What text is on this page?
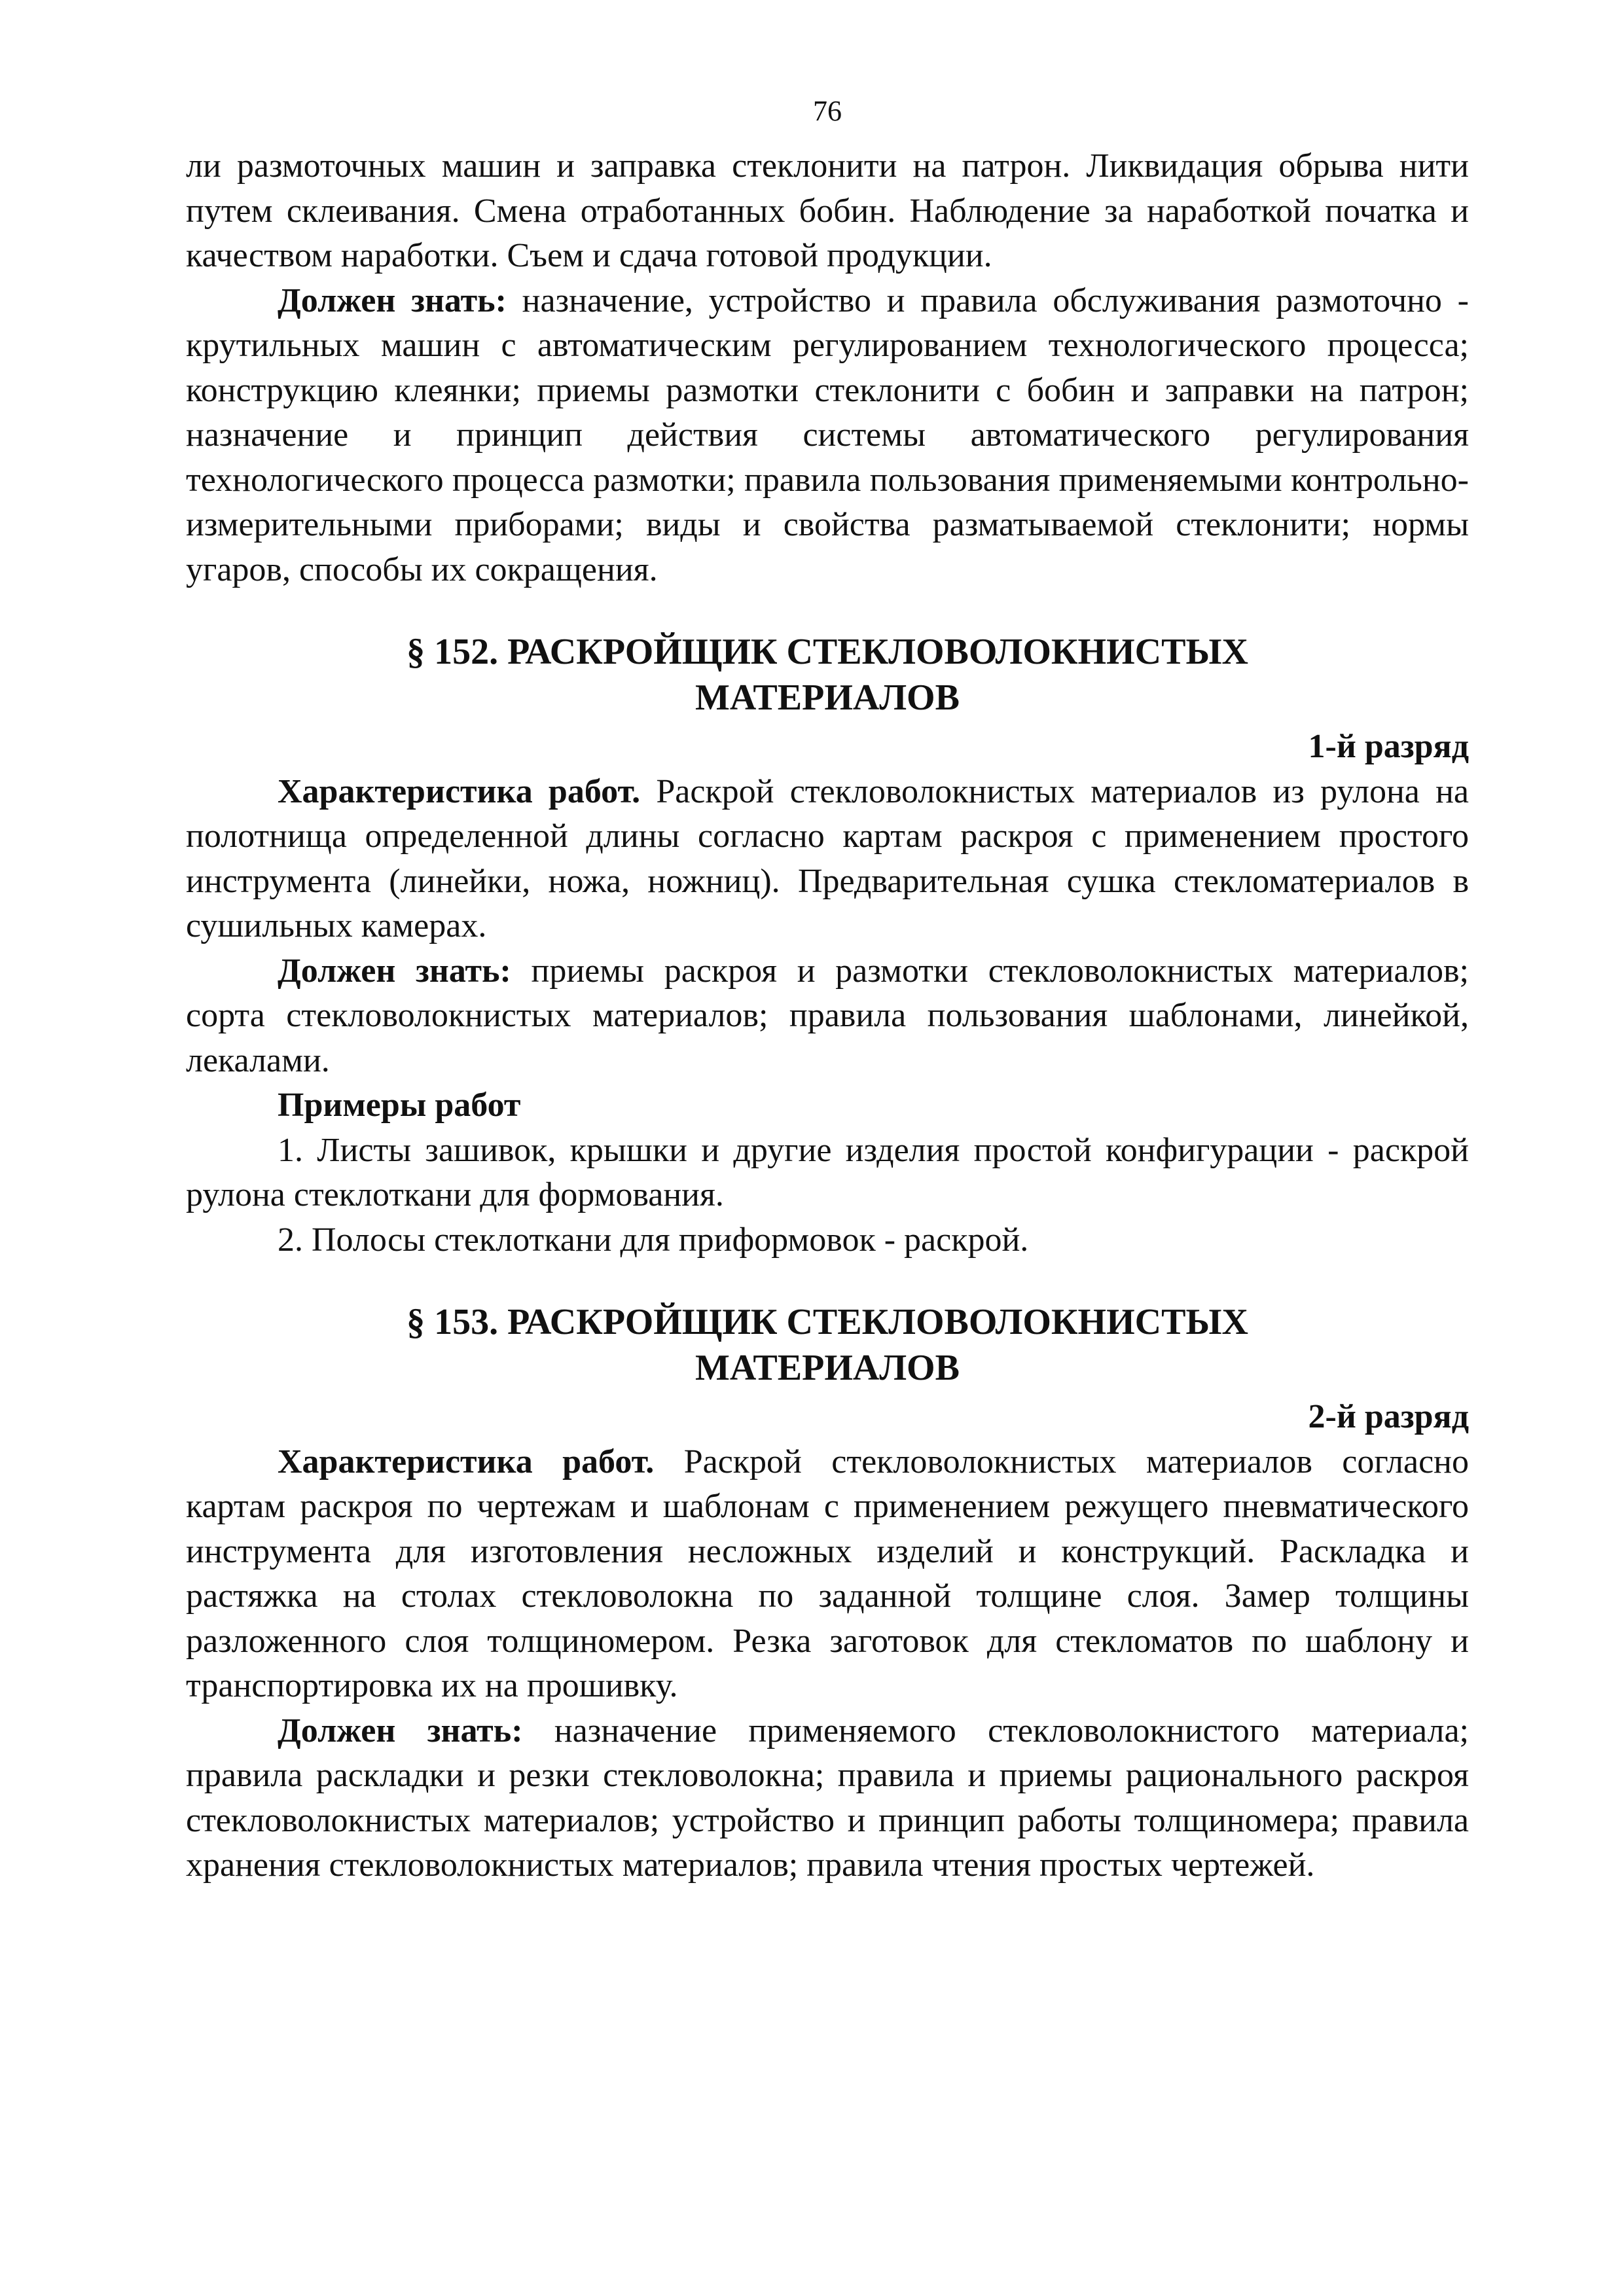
76

ли размоточных машин и заправка стеклонити на патрон. Ликвидация обрыва нити путем склеивания. Смена отработанных бобин. Наблюдение за наработкой початка и качеством наработки. Съем и сдача готовой продукции.

Должен знать: назначение, устройство и правила обслуживания размоточно - крутильных машин с автоматическим регулированием технологического процесса; конструкцию клеянки; приемы размотки стеклонити с бобин и заправки на патрон; назначение и принцип действия системы автоматического регулирования технологического процесса размотки; правила пользования применяемыми контрольно-измерительными приборами; виды и свойства разматываемой стеклонити; нормы угаров, способы их сокращения.

§ 152. РАСКРОЙЩИК СТЕКЛОВОЛОКНИСТЫХ
МАТЕРИАЛОВ
1-й разряд

Характеристика работ. Раскрой стекловолокнистых материалов из рулона на полотнища определенной длины согласно картам раскроя с применением простого инструмента (линейки, ножа, ножниц). Предварительная сушка стекломатериалов в сушильных камерах.

Должен знать: приемы раскроя и размотки стекловолокнистых материалов; сорта стекловолокнистых материалов; правила пользования шаблонами, линейкой, лекалами.

Примеры работ

1. Листы зашивок, крышки и другие изделия простой конфигурации - раскрой рулона стеклоткани для формования.

2. Полосы стеклоткани для приформовок - раскрой.

§ 153. РАСКРОЙЩИК СТЕКЛОВОЛОКНИСТЫХ
МАТЕРИАЛОВ
2-й разряд

Характеристика работ. Раскрой стекловолокнистых материалов согласно картам раскроя по чертежам и шаблонам с применением режущего пневматического инструмента для изготовления несложных изделий и конструкций. Раскладка и растяжка на столах стекловолокна по заданной толщине слоя. Замер толщины разложенного слоя толщиномером. Резка заготовок для стекломатов по шаблону и транспортировка их на прошивку.

Должен знать: назначение применяемого стекловолокнистого материала; правила раскладки и резки стекловолокна; правила и приемы рационального раскроя стекловолокнистых материалов; устройство и принцип работы толщиномера; правила хранения стекловолокнистых материалов; правила чтения простых чертежей.
